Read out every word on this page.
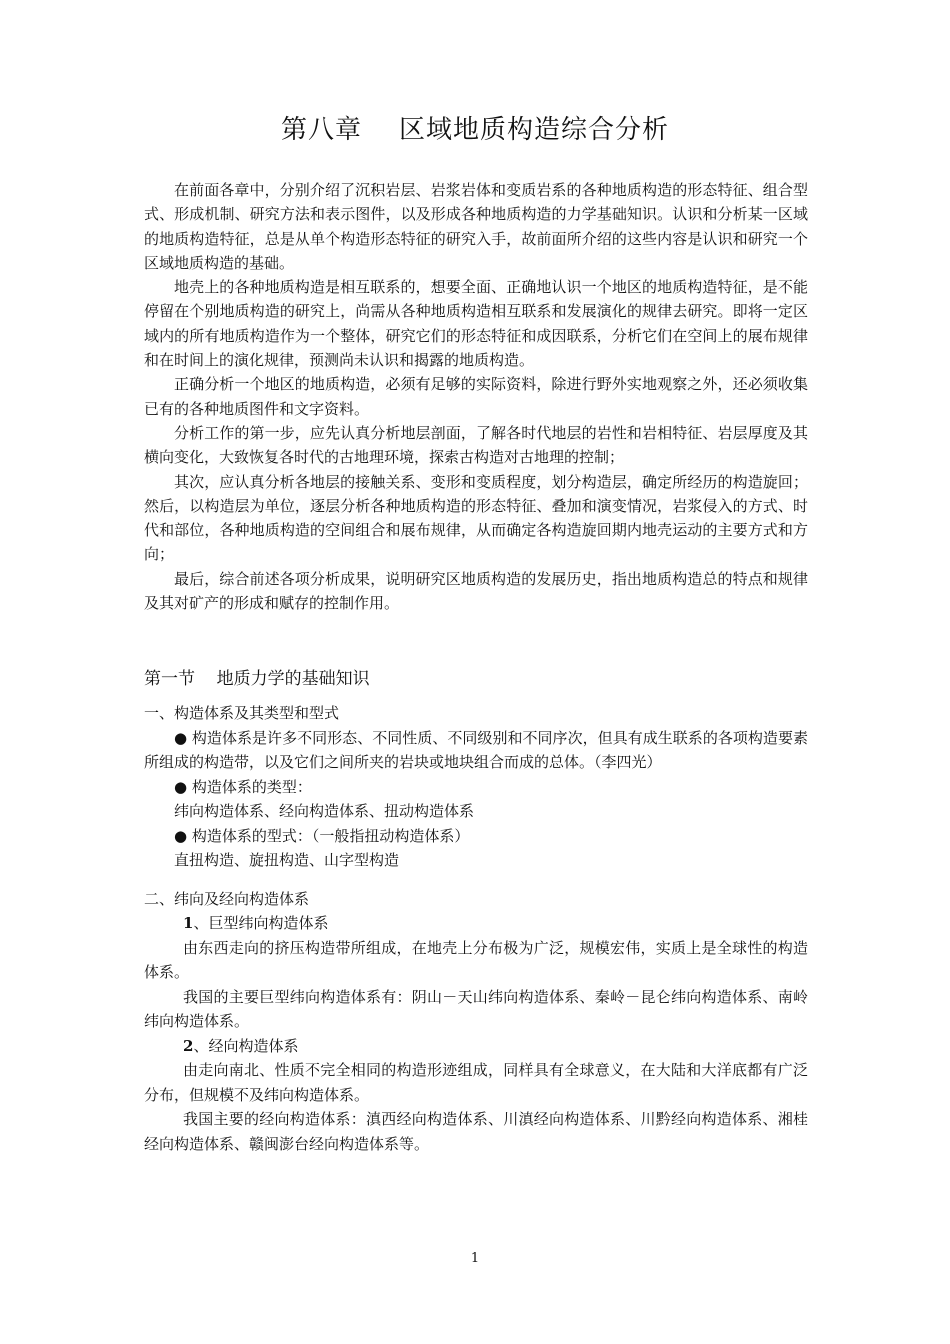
第八章    区域地质构造综合分析

在前面各章中，分别介绍了沉积岩层、岩浆岩体和变质岩系的各种地质构造的形态特征、组合型式、形成机制、研究方法和表示图件，以及形成各种地质构造的力学基础知识。认识和分析某一区域的地质构造特征，总是从单个构造形态特征的研究入手，故前面所介绍的这些内容是认识和研究一个区域地质构造的基础。

地壳上的各种地质构造是相互联系的，想要全面、正确地认识一个地区的地质构造特征，是不能停留在个别地质构造的研究上，尚需从各种地质构造相互联系和发展演化的规律去研究。即将一定区域内的所有地质构造作为一个整体，研究它们的形态特征和成因联系，分析它们在空间上的展布规律和在时间上的演化规律，预测尚未认识和揭露的地质构造。

正确分析一个地区的地质构造，必须有足够的实际资料，除进行野外实地观察之外，还必须收集已有的各种地质图件和文字资料。

分析工作的第一步，应先认真分析地层剖面，了解各时代地层的岩性和岩相特征、岩层厚度及其横向变化，大致恢复各时代的古地理环境，探索古构造对古地理的控制；

其次，应认真分析各地层的接触关系、变形和变质程度，划分构造层，确定所经历的构造旋回；然后，以构造层为单位，逐层分析各种地质构造的形态特征、叠加和演变情况，岩浆侵入的方式、时代和部位，各种地质构造的空间组合和展布规律，从而确定各构造旋回期内地壳运动的主要方式和方向；

最后，综合前述各项分析成果，说明研究区地质构造的发展历史，指出地质构造总的特点和规律及其对矿产的形成和赋存的控制作用。

第一节    地质力学的基础知识
一、构造体系及其类型和型式

● 构造体系是许多不同形态、不同性质、不同级别和不同序次，但具有成生联系的各项构造要素所组成的构造带，以及它们之间所夹的岩块或地块组合而成的总体。（李四光）

● 构造体系的类型：

纬向构造体系、经向构造体系、扭动构造体系

● 构造体系的型式：（一般指扭动构造体系）

直扭构造、旋扭构造、山字型构造

二、纬向及经向构造体系

1、巨型纬向构造体系

由东西走向的挤压构造带所组成，在地壳上分布极为广泛，规模宏伟，实质上是全球性的构造体系。

我国的主要巨型纬向构造体系有：阴山－天山纬向构造体系、秦岭－昆仑纬向构造体系、南岭纬向构造体系。

2、经向构造体系

由走向南北、性质不完全相同的构造形迹组成，同样具有全球意义，在大陆和大洋底都有广泛分布，但规模不及纬向构造体系。

我国主要的经向构造体系：滇西经向构造体系、川滇经向构造体系、川黔经向构造体系、湘桂经向构造体系、赣闽澎台经向构造体系等。

1
